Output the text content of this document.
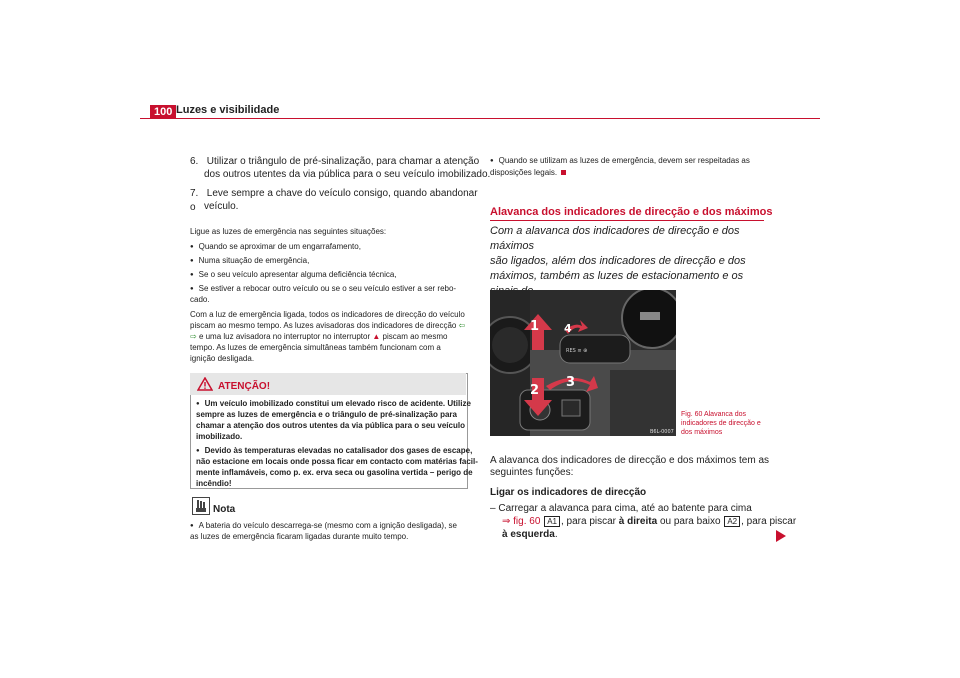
100 Luzes e visibilidade
6. Utilizar o triângulo de pré-sinalização, para chamar a atenção
dos outros utentes da via pública para o seu veículo imobilizado.
7. Leve sempre a chave do veículo consigo, quando abandonar o veículo.
Ligue as luzes de emergência nas seguintes situações:
● Quando se aproximar de um engarrafamento,
● Numa situação de emergência,
● Se o seu veículo apresentar alguma deficiência técnica,
● Se estiver a rebocar outro veículo ou se o seu veículo estiver a ser rebo-
cado.
Com a luz de emergência ligada, todos os indicadores de direcção do veículo
piscam ao mesmo tempo. As luzes avisadoras dos indicadores de direcção ⇦
⇨ e uma luz avisadora no interruptor no interruptor ▲ piscam ao mesmo
tempo. As luzes de emergência simultâneas também funcionam com a
ignição desligada.
ATENÇÃO!
● Um veículo imobilizado constitui um elevado risco de acidente. Utilize
sempre as luzes de emergência e o triângulo de pré-sinalização para
chamar a atenção dos outros utentes da via pública para o seu veículo
imobilizado.
● Devido às temperaturas elevadas no catalisador dos gases de escape,
não estacione em locais onde possa ficar em contacto com matérias facil-
mente inflamáveis, como p. ex. erva seca ou gasolina vertida – perigo de
incêndio!
Nota
● A bateria do veículo descarrega-se (mesmo com a ignição desligada), se
as luzes de emergência ficaram ligadas durante muito tempo.
● Quando se utilizam as luzes de emergência, devem ser respeitadas as
disposições legais.
Alavanca dos indicadores de direcção e dos máximos
Com a alavanca dos indicadores de direcção e dos máximos
são ligados, além dos indicadores de direcção e dos
máximos, também as luzes de estacionamento e os
RES ≡ ⊕
B6L-0007
1
2
3
4
Fig. 60 Alavanca dos
indicadores de direcção e
dos máximos
A alavanca dos indicadores de direcção e dos máximos tem as
seguintes funções:
Ligar os indicadores de direcção
– Carregar a alavanca para cima, até ao batente para cima
⇒ fig. 60 A1 , para piscar à direita ou para baixo A2 , para piscar
à esquerda.
